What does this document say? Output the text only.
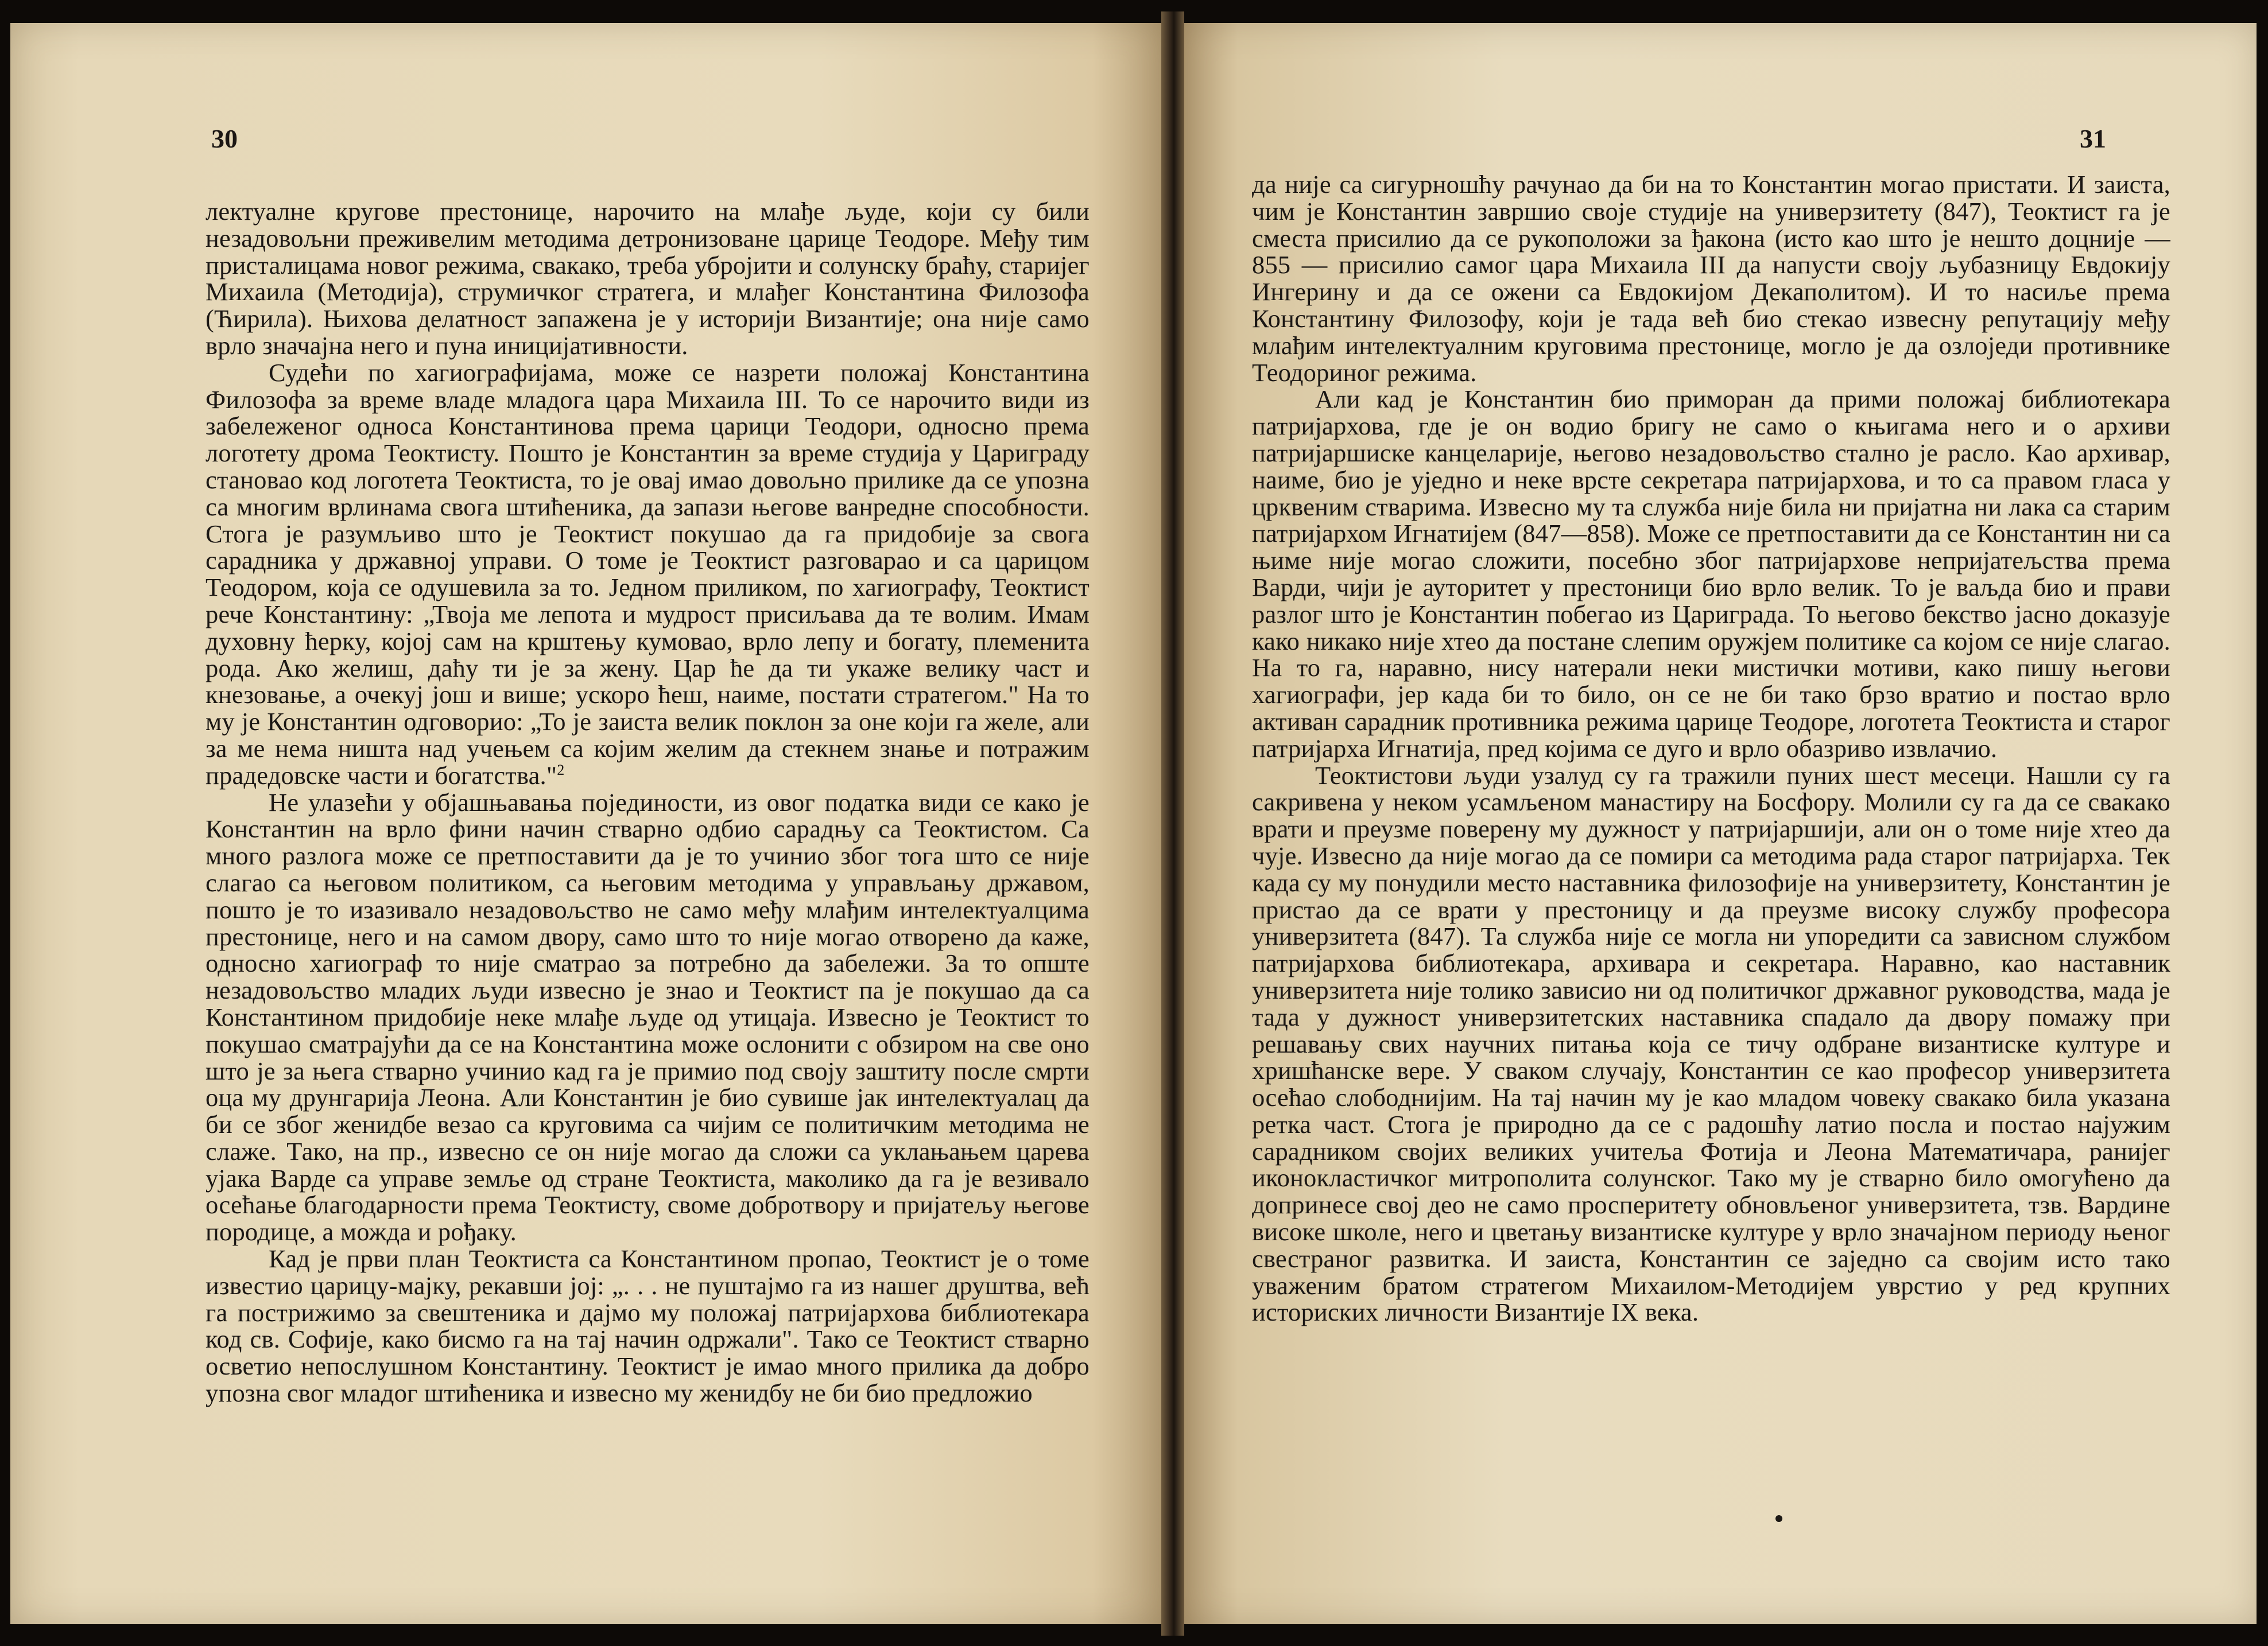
30

лектуалне кругове престонице, нарочито на млађе људе, који су били незадовољни преживелим методима детронизоване царице Теодоре. Међу тим присталицама новог режима, свакако, треба убројити и солунску браћу, старијег Михаила (Методија), струмичког стратега, и млађег Константина Филозофа (Ћирила). Њихова делатност запажена је у историји Византије; она није само врло значајна него и пуна иницијативности.

Судећи по хагиографијама, може се назрети положај Константина Филозофа за време владе младога цара Михаила III. То се нарочито види из забележеног односа Константинова према царици Теодори, односно према логотету дрома Теоктисту. Пошто је Константин за време студија у Цариграду становао код логотета Теоктиста, то је овај имао довољно прилике да се упозна са многим врлинама свога штићеника, да запази његове ванредне способности. Стога је разумљиво што је Теоктист покушао да га придобије за свога сарадника у државној управи. О томе је Теоктист разговарао и са царицом Теодором, која се одушевила за то. Једном приликом, по хагиографу, Теоктист рече Константину: „Твоја ме лепота и мудрост присиљава да те волим. Имам духовну ћерку, којој сам на крштењу кумовао, врло лепу и богату, племенита рода. Ако желиш, даћу ти је за жену. Цар ће да ти укаже велику част и кнезовање, а очекуј још и више; ускоро ћеш, наиме, постати стратегом." На то му је Константин одговорио: „То је заиста велик поклон за оне који га желе, али за ме нема ништа над учењем са којим желим да стекнем знање и потражим прадедовске части и богатства."$^2$

Не улазећи у објашњавања појединости, из овог податка види се како је Константин на врло фини начин стварно одбио сарадњу са Теоктистом. Са много разлога може се претпоставити да је то учинио због тога што се није слагао са његовом политиком, са његовим методима у управљању државом, пошто је то изазивало незадовољство не само међу млађим интелектуалцима престонице, него и на самом двору, само што то није могао отворено да каже, односно хагиограф то није сматрао за потребно да забележи. За то опште незадовољство младих људи извесно је знао и Теоктист па је покушао да са Константином придобије неке млађе људе од утицаја. Извесно је Теоктист то покушао сматрајући да се на Константина може ослонити с обзиром на све оно што је за њега стварно учинио кад га је примио под своју заштиту после смрти оца му друнгарија Леона. Али Константин је био сувише јак интелектуалац да би се због женидбе везао са круговима са чијим се политичким методима не слаже. Тако, на пр., извесно се он није могао да сложи са уклањањем царева ујака Варде са управе земље од стране Теоктиста, маколико да га је везивало осећање благодарности према Теоктисту, своме добротвору и пријатељу његове породице, а можда и рођаку.

Кад је први план Теоктиста са Константином пропао, Теоктист је о томе известио царицу-мајку, рекавши јој: „. . . не пуштајмо га из нашег друштва, већ га пострижимо за свештеника и дајмо му положај патријархова библиотекара код св. Софије, како бисмо га на тај начин одржали". Тако се Теоктист стварно осветио непослушном Константину. Теоктист је имао много прилика да добро упозна свог младог штићеника и извесно му женидбу не би био предложио

31

да није са сигурношћу рачунао да би на то Константин могао пристати. И заиста, чим је Константин завршио своје студије на универзитету (847), Теоктист га је сместа присилио да се рукоположи за ђакона (исто као што је нешто доцније — 855 — присилио самог цара Михаила III да напусти своју љубазницу Евдокију Ингерину и да се ожени са Евдокијом Декаполитом). И то насиље према Константину Филозофу, који је тада већ био стекао извесну репутацију међу млађим интелектуалним круговима престонице, могло је да озлоједи противнике Теодориног режима.

Али кад је Константин био приморан да прими положај библиотекара патријархова, где је он водио бригу не само о књигама него и о архиви патријаршиске канцеларије, његово незадовољство стално је расло. Као архивар, наиме, био је уједно и неке врсте секретара патријархова, и то са правом гласа у црквеним стварима. Извесно му та служба није била ни пријатна ни лака са старим патријархом Игнатијем (847—858). Може се претпоставити да се Константин ни са њиме није могао сложити, посебно због патријархове непријатељства према Варди, чији је ауторитет у престоници био врло велик. То је ваљда био и прави разлог што је Константин побегао из Цариграда. То његово бекство јасно доказује како никако није хтео да постане слепим оружјем политике са којом се није слагао. На то га, наравно, нису натерали неки мистички мотиви, како пишу његови хагиографи, јер када би то било, он се не би тако брзо вратио и постао врло активан сарадник противника режима царице Теодоре, логотета Теоктиста и старог патријарха Игнатија, пред којима се дуго и врло обазриво извлачио.

Теоктистови људи узалуд су га тражили пуних шест месеци. Нашли су га сакривена у неком усамљеном манастиру на Босфору. Молили су га да се свакако врати и преузме поверену му дужност у патријаршији, али он о томе није хтео да чује. Извесно да није могао да се помири са методима рада старог патријарха. Тек када су му понудили место наставника филозофије на универзитету, Константин је пристао да се врати у престоницу и да преузме високу службу професора универзитета (847). Та служба није се могла ни упоредити са зависном службом патријархова библиотекара, архивара и секретара. Наравно, као наставник универзитета није толико зависио ни од политичког државног руководства, мада је тада у дужност универзитетских наставника спадало да двору помажу при решавању свих научних питања која се тичу одбране византиске културе и хришћанске вере. У сваком случају, Константин се као професор универзитета осећао слободнијим. На тај начин му је као младом човеку свакако била указана ретка част. Стога је природно да се с радошћу латио посла и постао најужим сарадником својих великих учитеља Фотија и Леона Математичара, ранијег иконокластичког митрополита солунског. Тако му је стварно било омогућено да допринесе свој део не само просперитету обновљеног универзитета, тзв. Вардине високе школе, него и цветању византиске културе у врло значајном периоду њеног свестраног развитка. И заиста, Константин се заједно са својим исто тако уваженим братом стратегом Михаилом-Методијем уврстио у ред крупних историских личности Византије IX века.
